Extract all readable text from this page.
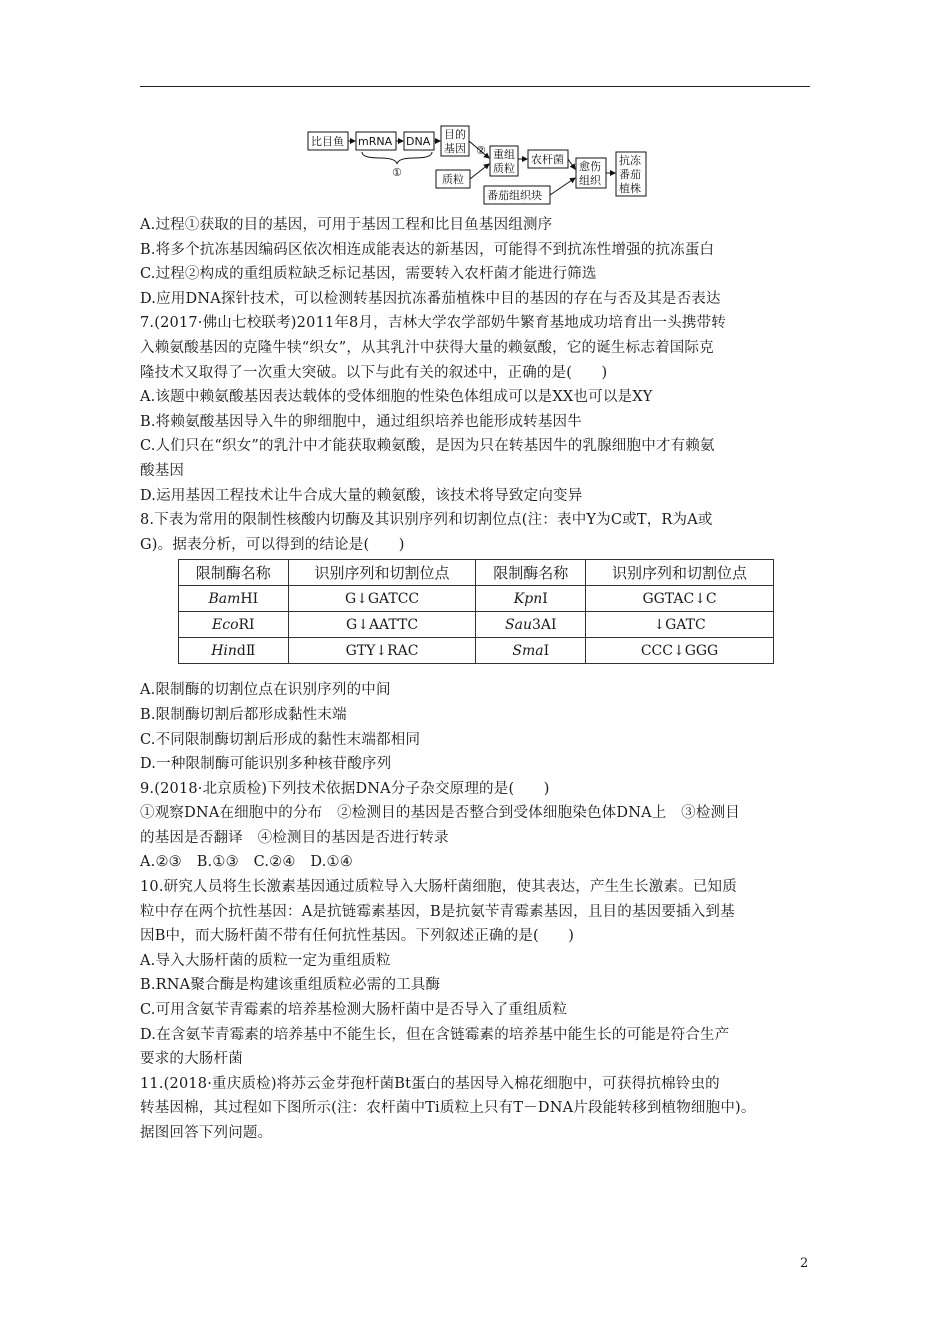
比目鱼 mRNA DNA
目的
基因
质粒
①
② 重组
质粒
农杆菌
番茄组织块
愈伤
组织
抗冻
番茄
植株
A.过程①获取的目的基因，可用于基因工程和比目鱼基因组测序
B.将多个抗冻基因编码区依次相连成能表达的新基因，可能得不到抗冻性增强的抗冻蛋白
C.过程②构成的重组质粒缺乏标记基因，需要转入农杆菌才能进行筛选
D.应用DNA探针技术，可以检测转基因抗冻番茄植株中目的基因的存在与否及其是否表达
7.(2017·佛山七校联考)2011年8月，吉林大学农学部奶牛繁育基地成功培育出一头携带转
入赖氨酸基因的克隆牛犊“织女”，从其乳汁中获得大量的赖氨酸，它的诞生标志着国际克
隆技术又取得了一次重大突破。以下与此有关的叙述中，正确的是(　　)
A.该题中赖氨酸基因表达载体的受体细胞的性染色体组成可以是XX也可以是XY
B.将赖氨酸基因导入牛的卵细胞中，通过组织培养也能形成转基因牛
C.人们只在“织女”的乳汁中才能获取赖氨酸，是因为只在转基因牛的乳腺细胞中才有赖氨
酸基因
D.运用基因工程技术让牛合成大量的赖氨酸，该技术将导致定向变异
8.下表为常用的限制性核酸内切酶及其识别序列和切割位点(注：表中Y为C或T，R为A或
G)。据表分析，可以得到的结论是(　　)
限制酶名称	识别序列和切割位点	限制酶名称	识别序列和切割位点
BamHⅠ	G↓GATCC	KpnⅠ	GGTAC↓C
EcoRⅠ	G↓AATTC	Sau3AⅠ	↓GATC
HindⅡ	GTY↓RAC	SmaⅠ	CCC↓GGG
A.限制酶的切割位点在识别序列的中间
B.限制酶切割后都形成黏性末端
C.不同限制酶切割后形成的黏性末端都相同
D.一种限制酶可能识别多种核苷酸序列
9.(2018·北京质检)下列技术依据DNA分子杂交原理的是(　　)
①观察DNA在细胞中的分布　②检测目的基因是否整合到受体细胞染色体DNA上　③检测目
的基因是否翻译　④检测目的基因是否进行转录
A.②③ B.①③ C.②④ D.①④
10.研究人员将生长激素基因通过质粒导入大肠杆菌细胞，使其表达，产生生长激素。已知质
粒中存在两个抗性基因：A是抗链霉素基因，B是抗氨苄青霉素基因，且目的基因要插入到基
因B中，而大肠杆菌不带有任何抗性基因。下列叙述正确的是(　　)
A.导入大肠杆菌的质粒一定为重组质粒
B.RNA聚合酶是构建该重组质粒必需的工具酶
C.可用含氨苄青霉素的培养基检测大肠杆菌中是否导入了重组质粒
D.在含氨苄青霉素的培养基中不能生长，但在含链霉素的培养基中能生长的可能是符合生产
要求的大肠杆菌
11.(2018·重庆质检)将苏云金芽孢杆菌Bt蛋白的基因导入棉花细胞中，可获得抗棉铃虫的
转基因棉，其过程如下图所示(注：农杆菌中Ti质粒上只有T－DNA片段能转移到植物细胞中)。
据图回答下列问题。
2
